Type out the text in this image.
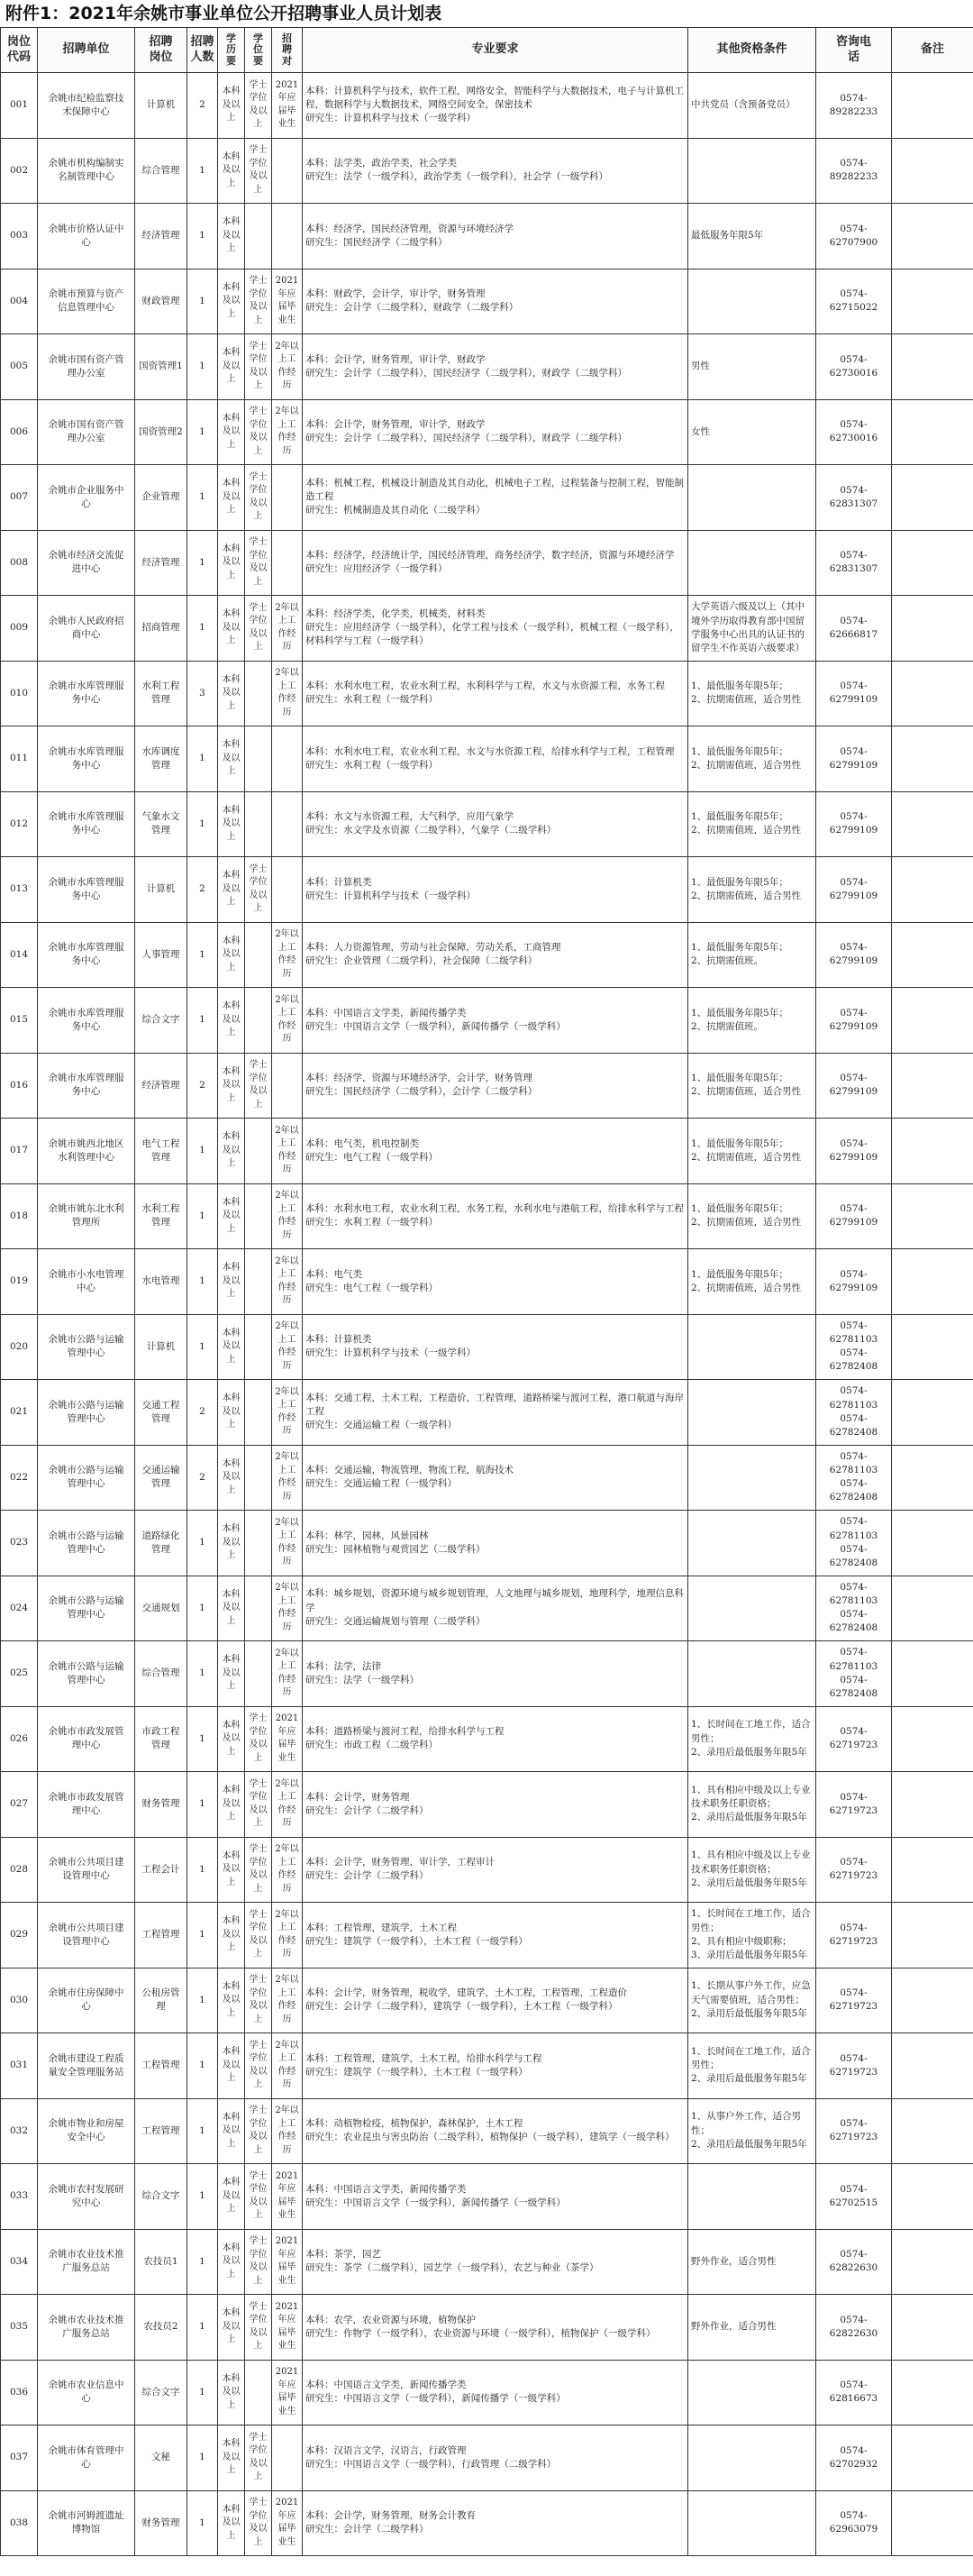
附件1：2021年余姚市事业单位公开招聘事业人员计划表
岗位
代码	招聘单位	招聘
岗位	招聘
人数	学
历
要	学
位
要	招
聘
对	专业要求	其他资格条件	咨询电
话	备注
001	余姚市纪检监察技术保障中心	计算机	2	本科
及以
上	学士
学位
及以
上	2021
年应
届毕
业生	本科：计算机科学与技术，软件工程，网络安全，智能科学与大数据技术，电子与计算机工程，数据科学与大数据技术，网络空间安全，保密技术
研究生：计算机科学与技术（一级学科）	中共党员（含预备党员）	0574-
89282233	
002	余姚市机构编制实名制管理中心	综合管理	1	本科
及以
上	学士
学位
及以
上		本科：法学类，政治学类，社会学类
研究生：法学（一级学科），政治学类（一级学科），社会学（一级学科）		0574-
89282233	
003	余姚市价格认证中心	经济管理	1	本科
及以
上			本科：经济学，国民经济管理，资源与环境经济学
研究生：国民经济学（二级学科）	最低服务年限5年	0574-
62707900	
004	余姚市预算与资产信息管理中心	财政管理	1	本科
及以
上	学士
学位
及以
上	2021
年应
届毕
业生	本科：财政学，会计学，审计学，财务管理
研究生：会计学（二级学科），财政学（二级学科）		0574-
62715022	
005	余姚市国有资产管理办公室	国资管理1	1	本科
及以
上	学士
学位
及以
上	2年以
上工
作经
历	本科：会计学，财务管理，审计学，财政学
研究生：会计学（二级学科），国民经济学（二级学科），财政学（二级学科）	男性	0574-
62730016	
006	余姚市国有资产管理办公室	国资管理2	1	本科
及以
上	学士
学位
及以
上	2年以
上工
作经
历	本科：会计学，财务管理，审计学，财政学
研究生：会计学（二级学科），国民经济学（二级学科），财政学（二级学科）	女性	0574-
62730016	
007	余姚市企业服务中心	企业管理	1	本科
及以
上	学士
学位
及以
上		本科：机械工程，机械设计制造及其自动化，机械电子工程，过程装备与控制工程，智能制造工程
研究生：机械制造及其自动化（二级学科）		0574-
62831307	
008	余姚市经济交流促进中心	经济管理	1	本科
及以
上	学士
学位
及以
上		本科：经济学，经济统计学，国民经济管理，商务经济学，数字经济，资源与环境经济学
研究生：应用经济学（一级学科）		0574-
62831307	
009	余姚市人民政府招商中心	招商管理	1	本科
及以
上	学士
学位
及以
上	2年以
上工
作经
历	本科：经济学类，化学类，机械类，材料类
研究生：应用经济学（一级学科），化学工程与技术（一级学科），机械工程（一级学科），材料科学与工程（一级学科）	大学英语六级及以上（其中境外学历取得教育部中国留学服务中心出具的认证书的留学生不作英语六级要求）	0574-
62666817	
010	余姚市水库管理服务中心	水利工程管理	3	本科
及以
上		2年以
上工
作经
历	本科：水利水电工程，农业水利工程，水利科学与工程，水文与水资源工程，水务工程
研究生：水利工程（一级学科）	1、最低服务年限5年；
2、抗期需值班，适合男性	0574-
62799109	
011	余姚市水库管理服务中心	水库调度管理	1	本科
及以
上			本科：水利水电工程，农业水利工程，水文与水资源工程，给排水科学与工程，工程管理
研究生：水利工程（一级学科）	1、最低服务年限5年；
2、抗期需值班，适合男性	0574-
62799109	
012	余姚市水库管理服务中心	气象水文管理	1	本科
及以
上			本科：水文与水资源工程，大气科学，应用气象学
研究生：水文学及水资源（二级学科），气象学（二级学科）	1、最低服务年限5年；
2、抗期需值班，适合男性	0574-
62799109	
013	余姚市水库管理服务中心	计算机	2	本科
及以
上	学士
学位
及以
上		本科：计算机类
研究生：计算机科学与技术（一级学科）	1、最低服务年限5年；
2、抗期需值班，适合男性	0574-
62799109	
014	余姚市水库管理服务中心	人事管理	1	本科
及以
上		2年以
上工
作经
历	本科：人力资源管理，劳动与社会保障，劳动关系，工商管理
研究生：企业管理（二级学科），社会保障（二级学科）	1、最低服务年限5年；
2、抗期需值班。	0574-
62799109	
015	余姚市水库管理服务中心	综合文字	1	本科
及以
上		2年以
上工
作经
历	本科：中国语言文学类，新闻传播学类
研究生：中国语言文学（一级学科），新闻传播学（一级学科）	1、最低服务年限5年；
2、抗期需值班。	0574-
62799109	
016	余姚市水库管理服务中心	经济管理	2	本科
及以
上	学士
学位
及以
上		本科：经济学，资源与环境经济学，会计学，财务管理
研究生：国民经济学（二级学科），会计学（二级学科）	1、最低服务年限5年；
2、抗期需值班，适合男性	0574-
62799109	
017	余姚市姚西北地区水利管理中心	电气工程管理	1	本科
及以
上		2年以
上工
作经
历	本科：电气类，机电控制类
研究生：电气工程（一级学科）	1、最低服务年限5年；
2、抗期需值班，适合男性	0574-
62799109	
018	余姚市姚东北水利管理所	水利工程管理	1	本科
及以
上		2年以
上工
作经
历	本科：水利水电工程，农业水利工程，水务工程，水利水电与港航工程，给排水科学与工程
研究生：水利工程（一级学科）	1、最低服务年限5年；
2、抗期需值班，适合男性	0574-
62799109	
019	余姚市小水电管理中心	水电管理	1	本科
及以
上		2年以
上工
作经
历	本科：电气类
研究生：电气工程（一级学科）	1、最低服务年限5年；
2、抗期需值班，适合男性	0574-
62799109	
020	余姚市公路与运输管理中心	计算机	1	本科
及以
上		2年以
上工
作经
历	本科：计算机类
研究生：计算机科学与技术（一级学科）		0574-
62781103
0574-
62782408	
021	余姚市公路与运输管理中心	交通工程管理	2	本科
及以
上		2年以
上工
作经
历	本科：交通工程，土木工程，工程造价，工程管理，道路桥梁与渡河工程，港口航道与海岸工程
研究生：交通运输工程（一级学科）		0574-
62781103
0574-
62782408	
022	余姚市公路与运输管理中心	交通运输管理	2	本科
及以
上		2年以
上工
作经
历	本科：交通运输，物流管理，物流工程，航海技术
研究生：交通运输工程（一级学科）		0574-
62781103
0574-
62782408	
023	余姚市公路与运输管理中心	道路绿化管理	1	本科
及以
上		2年以
上工
作经
历	本科：林学，园林，风景园林
研究生：园林植物与观赏园艺（二级学科）		0574-
62781103
0574-
62782408	
024	余姚市公路与运输管理中心	交通规划	1	本科
及以
上		2年以
上工
作经
历	本科：城乡规划，资源环境与城乡规划管理，人文地理与城乡规划，地理科学，地理信息科学
研究生：交通运输规划与管理（二级学科）		0574-
62781103
0574-
62782408	
025	余姚市公路与运输管理中心	综合管理	1	本科
及以
上		2年以
上工
作经
历	本科：法学，法律
研究生：法学（一级学科）		0574-
62781103
0574-
62782408	
026	余姚市市政发展管理中心	市政工程管理	1	本科
及以
上	学士
学位
及以
上	2021
年应
届毕
业生	本科：道路桥梁与渡河工程，给排水科学与工程
研究生：市政工程（二级学科）	1、长时间在工地工作，适合男性；
2、录用后最低服务年限5年	0574-
62719723	
027	余姚市市政发展管理中心	财务管理	1	本科
及以
上	学士
学位
及以
上	2年以
上工
作经
历	本科：会计学，财务管理
研究生：会计学（二级学科）	1、具有相应中级及以上专业技术职务任职资格；
2、录用后最低服务年限5年	0574-
62719723	
028	余姚市公共项目建设管理中心	工程会计	1	本科
及以
上	学士
学位
及以
上	2年以
上工
作经
历	本科：会计学，财务管理，审计学，工程审计
研究生：会计学（二级学科）	1、具有相应中级及以上专业技术职务任职资格；
2、录用后最低服务年限5年	0574-
62719723	
029	余姚市公共项目建设管理中心	工程管理	1	本科
及以
上	学士
学位
及以
上	2年以
上工
作经
历	本科：工程管理，建筑学，土木工程
研究生：建筑学（一级学科），土木工程（一级学科）	1、长时间在工地工作，适合男性；
2、具有相应中级职称；
3、录用后最低服务年限5年	0574-
62719723	
030	余姚市住房保障中心	公租房管理	1	本科
及以
上	学士
学位
及以
上	2年以
上工
作经
历	本科：会计学，财务管理，税收学，建筑学，土木工程，工程管理，工程造价
研究生：会计学（二级学科），建筑学（一级学科），土木工程（一级学科）	1、长期从事户外工作，应急天气需要值班，适合男性；
2、录用后最低服务年限5年	0574-
62719723	
031	余姚市建设工程质量安全管理服务站	工程管理	1	本科
及以
上	学士
学位
及以
上	2年以
上工
作经
历	本科：工程管理，建筑学，土木工程，给排水科学与工程
研究生：建筑学（一级学科），土木工程（一级学科）	1、长时间在工地工作，适合男性；
2、录用后最低服务年限5年	0574-
62719723	
032	余姚市物业和房屋安全中心	工程管理	1	本科
及以
上	学士
学位
及以
上	2年以
上工
作经
历	本科：动植物检疫，植物保护，森林保护，土木工程
研究生：农业昆虫与害虫防治（二级学科），植物保护（一级学科），建筑学（一级学科）	1、从事户外工作，适合男性；
2、录用后最低服务年限5年	0574-
62719723	
033	余姚市农村发展研究中心	综合文字	1	本科
及以
上	学士
学位
及以
上	2021
年应
届毕
业生	本科：中国语言文学类，新闻传播学类
研究生：中国语言文学（一级学科），新闻传播学（一级学科）		0574-
62702515	
034	余姚市农业技术推广服务总站	农技员1	1	本科
及以
上	学士
学位
及以
上	2021
年应
届毕
业生	本科：茶学，园艺
研究生：茶学（二级学科），园艺学（一级学科），农艺与种业（茶学）	野外作业，适合男性	0574-
62822630	
035	余姚市农业技术推广服务总站	农技员2	1	本科
及以
上	学士
学位
及以
上	2021
年应
届毕
业生	本科：农学，农业资源与环境，植物保护
研究生：作物学（一级学科），农业资源与环境（一级学科），植物保护（一级学科）	野外作业，适合男性	0574-
62822630	
036	余姚市农业信息中心	综合文字	1	本科
及以
上		2021
年应
届毕
业生	本科：中国语言文学类，新闻传播学类
研究生：中国语言文学（一级学科），新闻传播学（一级学科）		0574-
62816673	
037	余姚市体育管理中心	文秘	1	本科
及以
上	学士
学位
及以
上		本科：汉语言文学，汉语言，行政管理
研究生：中国语言文学（一级学科），行政管理（二级学科）		0574-
62702932	
038	余姚市河姆渡遗址博物馆	财务管理	1	本科
及以
上	学士
学位
及以
上	2021
年应
届毕
业生	本科：会计学，财务管理，财务会计教育
研究生：会计学（二级学科）		0574-
62963079	
